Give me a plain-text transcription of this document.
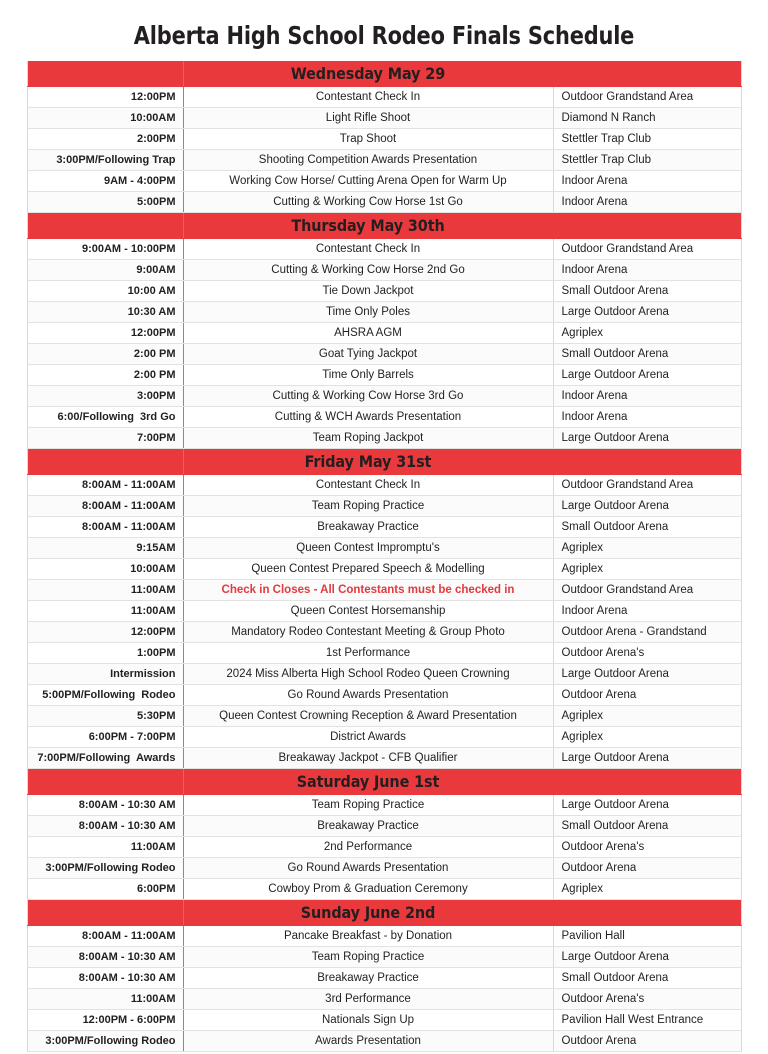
Alberta High School Rodeo Finals Schedule
	Wednesday May 29	
12:00PM	Contestant Check In	Outdoor Grandstand Area
10:00AM	Light Rifle Shoot	Diamond N Ranch
2:00PM	Trap Shoot	Stettler Trap Club
3:00PM/Following Trap	Shooting Competition Awards Presentation	Stettler Trap Club
9AM - 4:00PM	Working Cow Horse/ Cutting Arena Open for Warm Up	Indoor Arena
5:00PM	Cutting & Working Cow Horse 1st Go	Indoor Arena
	Thursday May 30th	
9:00AM - 10:00PM	Contestant Check In	Outdoor Grandstand Area
9:00AM	Cutting & Working Cow Horse 2nd Go	Indoor Arena
10:00 AM	Tie Down Jackpot	Small Outdoor Arena
10:30 AM	Time Only Poles	Large Outdoor Arena
12:00PM	AHSRA AGM	Agriplex
2:00 PM	Goat Tying Jackpot	Small Outdoor Arena
2:00 PM	Time Only Barrels	Large Outdoor Arena
3:00PM	Cutting & Working Cow Horse 3rd Go	Indoor Arena
6:00/Following  3rd Go	Cutting & WCH Awards Presentation	Indoor Arena
7:00PM	Team Roping Jackpot	Large Outdoor Arena
	Friday May 31st	
8:00AM - 11:00AM	Contestant Check In	Outdoor Grandstand Area
8:00AM - 11:00AM	Team Roping Practice	Large Outdoor Arena
8:00AM - 11:00AM	Breakaway Practice	Small Outdoor Arena
9:15AM	Queen Contest Impromptu's	Agriplex
10:00AM	Queen Contest Prepared Speech & Modelling	Agriplex
11:00AM	Check in Closes - All Contestants must be checked in	Outdoor Grandstand Area
11:00AM	Queen Contest Horsemanship	Indoor Arena
12:00PM	Mandatory Rodeo Contestant Meeting & Group Photo	Outdoor Arena - Grandstand
1:00PM	1st Performance	Outdoor Arena's
Intermission	2024 Miss Alberta High School Rodeo Queen Crowning	Large Outdoor Arena
5:00PM/Following  Rodeo	Go Round Awards Presentation	Outdoor Arena
5:30PM	Queen Contest Crowning Reception & Award Presentation	Agriplex
6:00PM - 7:00PM	District Awards	Agriplex
7:00PM/Following  Awards	Breakaway Jackpot - CFB Qualifier	Large Outdoor Arena
	Saturday June 1st	
8:00AM - 10:30 AM	Team Roping Practice	Large Outdoor Arena
8:00AM - 10:30 AM	Breakaway Practice	Small Outdoor Arena
11:00AM	2nd Performance	Outdoor Arena's
3:00PM/Following Rodeo	Go Round Awards Presentation	Outdoor Arena
6:00PM	Cowboy Prom & Graduation Ceremony	Agriplex
	Sunday June 2nd	
8:00AM - 11:00AM	Pancake Breakfast - by Donation	Pavilion Hall
8:00AM - 10:30 AM	Team Roping Practice	Large Outdoor Arena
8:00AM - 10:30 AM	Breakaway Practice	Small Outdoor Arena
11:00AM	3rd Performance	Outdoor Arena's
12:00PM - 6:00PM	Nationals Sign Up	Pavilion Hall West Entrance
3:00PM/Following Rodeo	Awards Presentation	Outdoor Arena
